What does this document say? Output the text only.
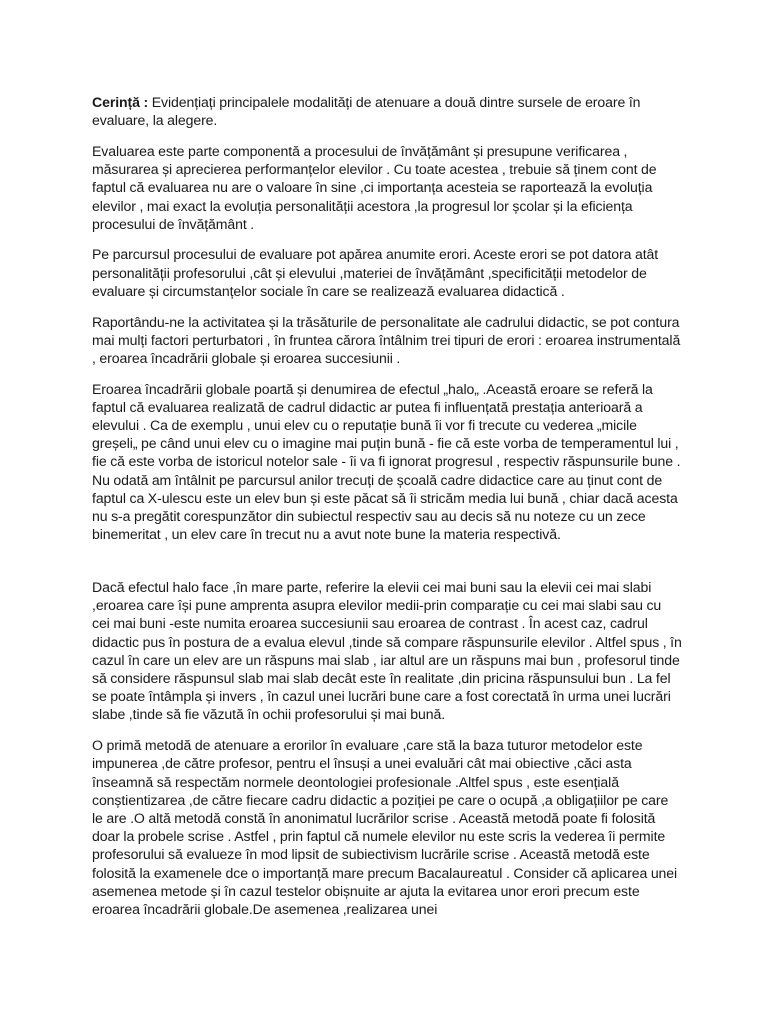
Cerință : Evidențiați principalele modalități de atenuare a două dintre sursele de eroare în evaluare, la alegere.

Evaluarea este parte componentă a procesului de învățământ și presupune verificarea , măsurarea și aprecierea performanțelor elevilor . Cu toate acestea , trebuie să ținem cont de faptul că evaluarea nu are o valoare în sine ,ci importanța acesteia se raportează la evoluția elevilor , mai exact la evoluția personalității acestora ,la progresul lor școlar și la eficiența procesului de învățământ .

Pe parcursul procesului de evaluare pot apărea anumite erori. Aceste erori se pot datora atât personalității profesorului ,cât și elevului ,materiei de învățământ ,specificității metodelor de evaluare și circumstanțelor sociale în care se realizează evaluarea didactică .

Raportându-ne la activitatea și la trăsăturile de personalitate ale cadrului didactic, se pot contura mai mulți factori perturbatori , în fruntea cărora întâlnim trei tipuri de erori : eroarea instrumentală , eroarea încadrării globale și eroarea succesiunii .

Eroarea încadrării globale poartă și denumirea de efectul „halo„ .Această eroare se referă la faptul că evaluarea realizată de cadrul didactic ar putea fi influențată prestația anterioară a elevului . Ca de exemplu , unui elev cu o reputație bună îi vor fi trecute cu vederea „micile greșeli„ pe când unui elev cu o imagine mai puțin bună - fie că este vorba de temperamentul lui , fie că este vorba de istoricul notelor sale - îi va fi ignorat progresul , respectiv răspunsurile bune . Nu odată am întâlnit pe parcursul anilor trecuți de școală cadre didactice care au ținut cont de faptul ca X-ulescu este un elev bun și este păcat să îi stricăm media lui bună , chiar dacă acesta nu s-a pregătit corespunzător din subiectul respectiv sau au decis să nu noteze cu un zece binemeritat , un elev care în trecut nu a avut note bune la materia respectivă.

Dacă efectul halo face ,în mare parte, referire la elevii cei mai buni sau la elevii cei mai slabi ,eroarea care își pune amprenta asupra elevilor medii-prin comparație cu cei mai slabi sau cu cei mai buni -este numita eroarea succesiunii sau eroarea de contrast . În acest caz, cadrul didactic pus în postura de a evalua elevul ,tinde să compare răspunsurile elevilor . Altfel spus , în cazul în care un elev are un răspuns mai slab , iar altul are un răspuns mai bun , profesorul tinde să considere răspunsul slab mai slab decât este în realitate ,din pricina răspunsului bun . La fel se poate întâmpla și invers , în cazul unei lucrări bune care a fost corectată în urma unei lucrări slabe ,tinde să fie văzută în ochii profesorului și mai bună.

O primă metodă de atenuare a erorilor în evaluare ,care stă la baza tuturor metodelor este impunerea ,de către profesor, pentru el însuși a unei evaluări cât mai obiective ,căci asta înseamnă să respectăm normele deontologiei profesionale .Altfel spus , este esențială conștientizarea ,de către fiecare cadru didactic a poziției pe care o ocupă ,a obligațiilor pe care le are .O altă metodă constă în anonimatul lucrărilor scrise . Această metodă poate fi folosită doar la probele scrise . Astfel , prin faptul că numele elevilor nu este scris la vederea îi permite profesorului să evalueze în mod lipsit de subiectivism lucrările scrise . Această metodă este folosită la examenele dce o importanță mare precum Bacalaureatul . Consider că aplicarea unei asemenea metode și în cazul testelor obișnuite ar ajuta la evitarea unor erori precum este eroarea încadrării globale.De asemenea ,realizarea unei
